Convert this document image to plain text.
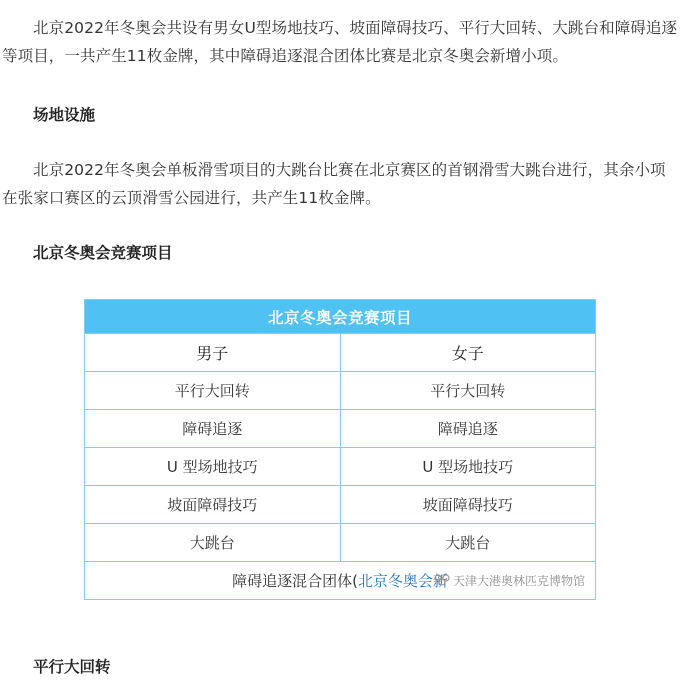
北京2022年冬奥会共设有男女U型场地技巧、坡面障碍技巧、平行大回转、大跳台和障碍追逐等项目，一共产生11枚金牌，其中障碍追逐混合团体比赛是北京冬奥会新增小项。

场地设施

北京2022年冬奥会单板滑雪项目的大跳台比赛在北京赛区的首钢滑雪大跳台进行，其余小项在张家口赛区的云顶滑雪公园进行，共产生11枚金牌。

北京冬奥会竞赛项目
北京冬奥会竞赛项目	
男子	女子
平行大回转	平行大回转
障碍追逐	障碍追逐
U 型场地技巧	U 型场地技巧
坡面障碍技巧	坡面障碍技巧
大跳台	大跳台
障碍追逐混合团体(北京冬奥会新 天津大港奥林匹克博物馆	
平行大回转
